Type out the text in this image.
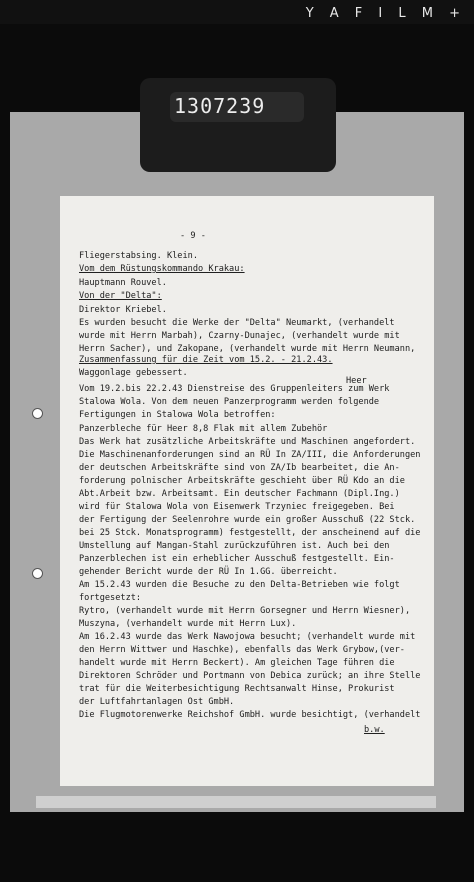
Y A F I L M +
1307239
- 9 -
Fliegerstabsing. Klein.
Vom dem Rüstungskommando Krakau:
Hauptmann Rouvel.
Von der "Delta":
Direktor Kriebel.
Es wurden besucht die Werke der "Delta" Neumarkt, (verhandelt
wurde mit Herrn Marbah), Czarny-Dunajec, (verhandelt wurde mit
Herrn Sacher), und Zakopane, (verhandelt wurde mit Herrn Neumann,
Zusammenfassung für die Zeit vom 15.2. - 21.2.43.
Heer
Waggonlage gebessert.
Vom 19.2.bis 22.2.43 Dienstreise des Gruppenleiters zum Werk
Stalowa Wola. Von dem neuen Panzerprogramm werden folgende
Fertigungen in Stalowa Wola betroffen:
Panzerbleche für Heer 8,8 Flak mit allem Zubehör
Das Werk hat zusätzliche Arbeitskräfte und Maschinen angefordert.
Die Maschinenanforderungen sind an RÜ In ZA/III, die Anforderungen
der deutschen Arbeitskräfte sind von ZA/Ib bearbeitet, die An-
forderung polnischer Arbeitskräfte geschieht über RÜ Kdo an die
Abt.Arbeit bzw. Arbeitsamt. Ein deutscher Fachmann (Dipl.Ing.)
wird für Stalowa Wola von Eisenwerk Trzyniec freigegeben. Bei
der Fertigung der Seelenrohre wurde ein großer Ausschuß (22 Stck.
bei 25 Stck. Monatsprogramm) festgestellt, der anscheinend auf die
Umstellung auf Mangan-Stahl zurückzuführen ist. Auch bei den
Panzerblechen ist ein erheblicher Ausschuß festgestellt. Ein-
gehender Bericht wurde der RÜ In 1.GG. überreicht.
Am 15.2.43 wurden die Besuche zu den Delta-Betrieben wie folgt
fortgesetzt:
Rytro, (verhandelt wurde mit Herrn Gorsegner und Herrn Wiesner),
Muszyna, (verhandelt wurde mit Herrn Lux).
Am 16.2.43 wurde das Werk Nawojowa besucht; (verhandelt wurde mit
den Herrn Wittwer und Haschke), ebenfalls das Werk Grybow,(ver-
handelt wurde mit Herrn Beckert). Am gleichen Tage führen die
Direktoren Schröder und Portmann von Debica zurück; an ihre Stelle
trat für die Weiterbesichtigung Rechtsanwalt Hinse, Prokurist
der Luftfahrtanlagen Ost GmbH.
Die Flugmotorenwerke Reichshof GmbH. wurde besichtigt, (verhandelt
b.w.
